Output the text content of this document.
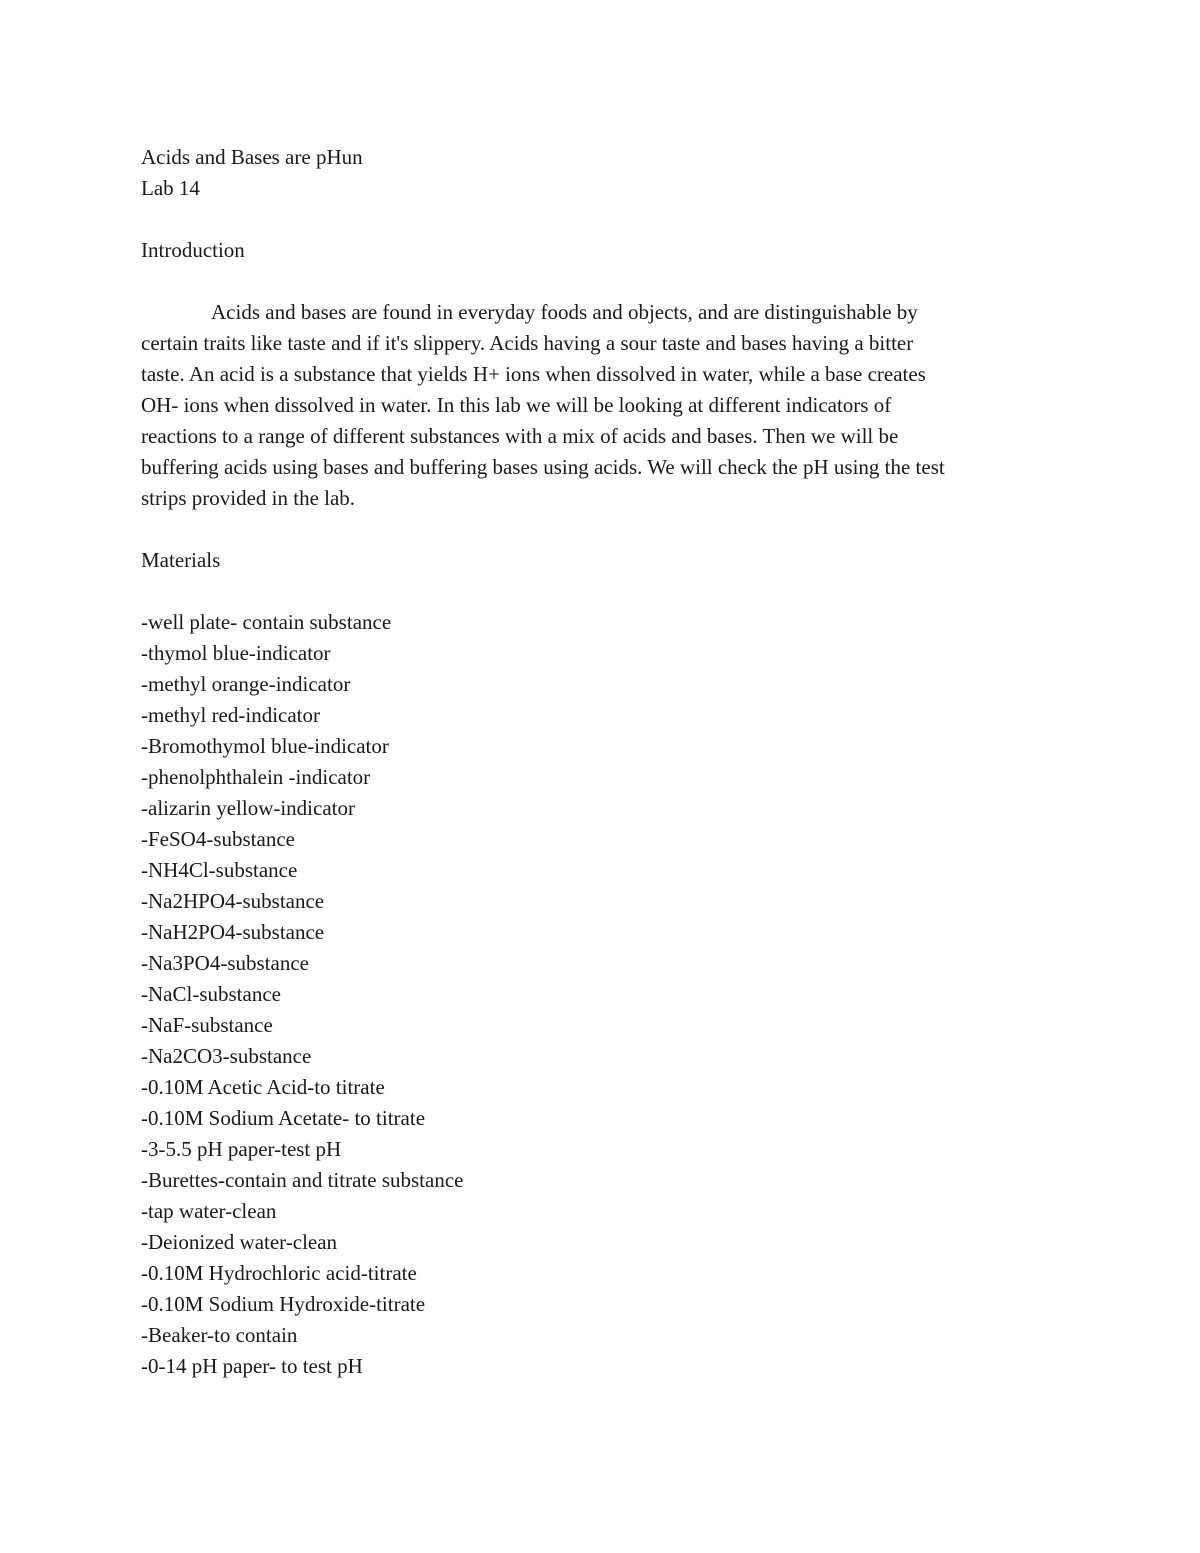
Acids and Bases are pHun
Lab 14
Introduction
Acids and bases are found in everyday foods and objects, and are distinguishable by
certain traits like taste and if it's slippery. Acids having a sour taste and bases having a bitter
taste. An acid is a substance that yields H+ ions when dissolved in water, while a base creates
OH- ions when dissolved in water. In this lab we will be looking at different indicators of
reactions to a range of different substances with a mix of acids and bases. Then we will be
buffering acids using bases and buffering bases using acids. We will check the pH using the test
strips provided in the lab.
Materials
-well plate- contain substance
-thymol blue-indicator
-methyl orange-indicator
-methyl red-indicator
-Bromothymol blue-indicator
-phenolphthalein -indicator
-alizarin yellow-indicator
-FeSO4-substance
-NH4Cl-substance
-Na2HPO4-substance
-NaH2PO4-substance
-Na3PO4-substance
-NaCl-substance
-NaF-substance
-Na2CO3-substance
-0.10M Acetic Acid-to titrate
-0.10M Sodium Acetate- to titrate
-3-5.5 pH paper-test pH
-Burettes-contain and titrate substance
-tap water-clean
-Deionized water-clean
-0.10M Hydrochloric acid-titrate
-0.10M Sodium Hydroxide-titrate
-Beaker-to contain
-0-14 pH paper- to test pH
